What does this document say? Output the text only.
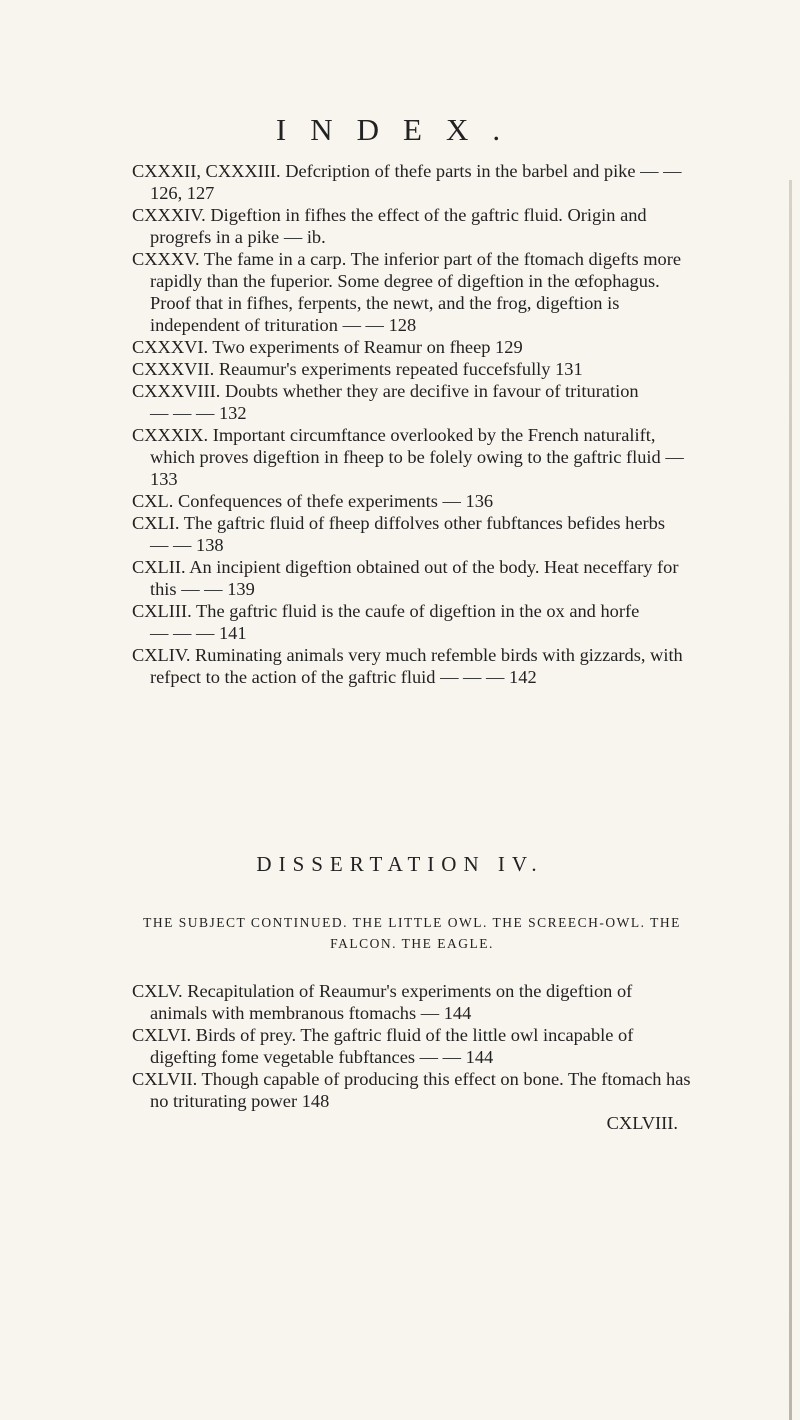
INDEX.

CXXXII, CXXXIII. Defcription of thefe parts in the barbel and pike — — 126, 127

CXXXIV. Digeftion in fifhes the effect of the gaftric fluid. Origin and progrefs in a pike — ib.

CXXXV. The fame in a carp. The inferior part of the ftomach digefts more rapidly than the fuperior. Some degree of digeftion in the œfophagus. Proof that in fifhes, ferpents, the newt, and the frog, digeftion is independent of trituration — — 128

CXXXVI. Two experiments of Reamur on fheep 129

CXXXVII. Reaumur's experiments repeated fuccefsfully 131

CXXXVIII. Doubts whether they are decifive in favour of trituration — — — 132

CXXXIX. Important circumftance overlooked by the French naturalift, which proves digeftion in fheep to be folely owing to the gaftric fluid — 133

CXL. Confequences of thefe experiments — 136

CXLI. The gaftric fluid of fheep diffolves other fubftances befides herbs — — 138

CXLII. An incipient digeftion obtained out of the body. Heat neceffary for this — — 139

CXLIII. The gaftric fluid is the caufe of digeftion in the ox and horfe — — — 141

CXLIV. Ruminating animals very much refemble birds with gizzards, with refpect to the action of the gaftric fluid — — — 142

DISSERTATION IV.
THE SUBJECT CONTINUED. THE LITTLE OWL. THE SCREECH-OWL. THE FALCON. THE EAGLE.

CXLV. Recapitulation of Reaumur's experiments on the digeftion of animals with membranous ftomachs — 144

CXLVI. Birds of prey. The gaftric fluid of the little owl incapable of digefting fome vegetable fubftances — — 144

CXLVII. Though capable of producing this effect on bone. The ftomach has no triturating power 148

CXLVIII.
